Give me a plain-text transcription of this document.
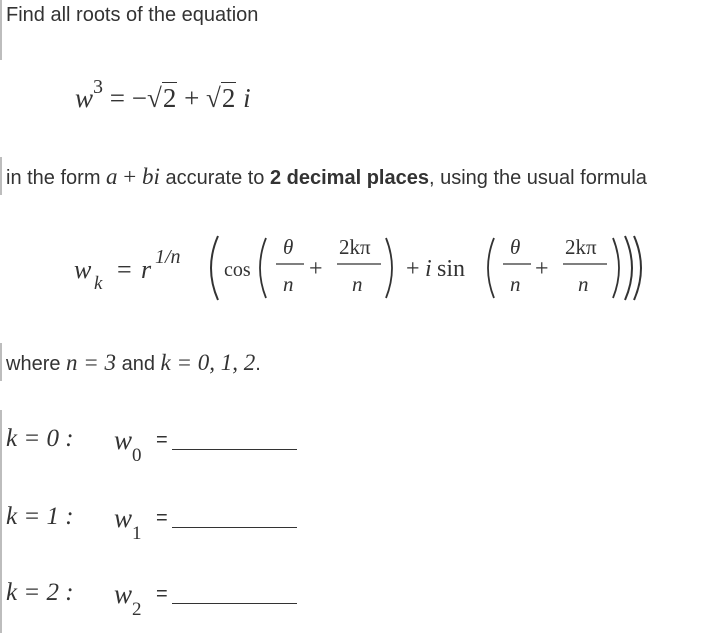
Find all roots of the equation
$w^3 = -√2 + √2$ i
in the form a + bi accurate to 2 decimal places, using the usual formula
w k = r 1/n
cos
θ
n
+
2kπ
n
+ i sin
θ
n
+
2kπ
n
where n = 3 and k = 0, 1, 2.
k = 0 : $w_0$
=
k = 1 : $w_1$
=
k = 2 : $w_2$
=
